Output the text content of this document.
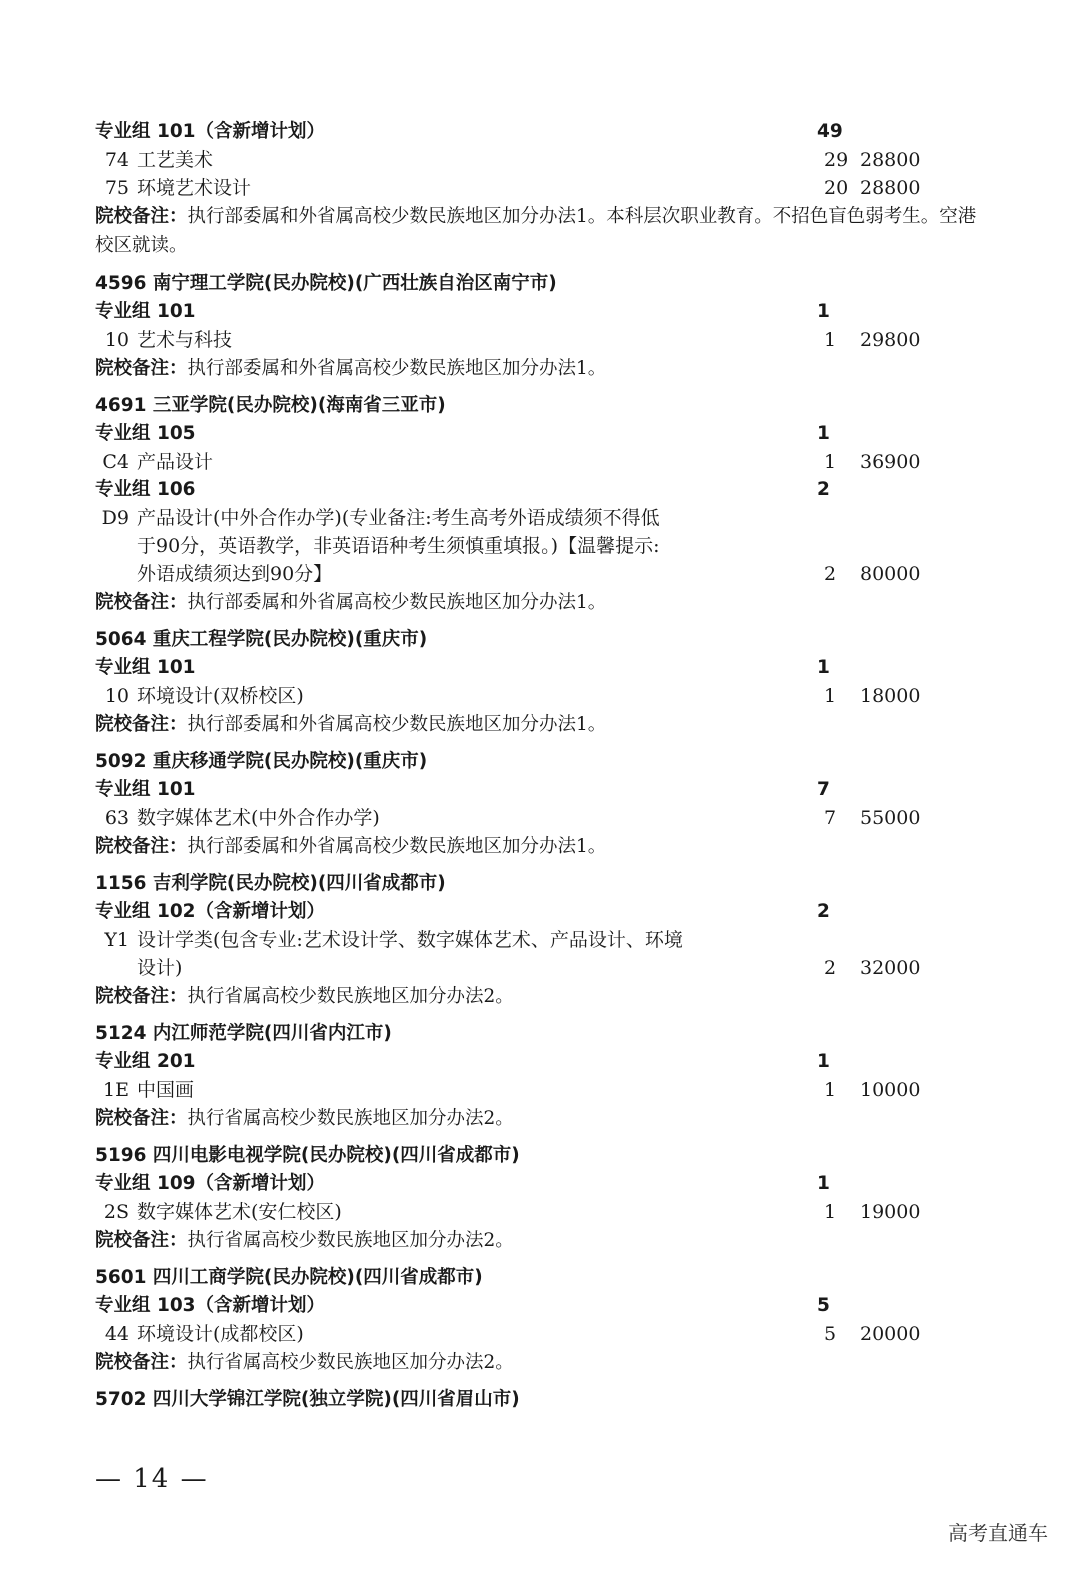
专业组 101（含新增计划）	49
74 工艺美术	29 28800
75 环境艺术设计	20 28800
院校备注：执行部委属和外省属高校少数民族地区加分办法1。本科层次职业教育。不招色盲色弱考生。空港校区就读。
4596 南宁理工学院(民办院校)(广西壮族自治区南宁市)
专业组 101	1
10 艺术与科技	1 29800
院校备注：执行部委属和外省属高校少数民族地区加分办法1。
4691 三亚学院(民办院校)(海南省三亚市)
专业组 105	1
C4 产品设计	1 36900
专业组 106	2
D9 产品设计(中外合作办学)(专业备注:考生高考外语成绩须不得低
于90分，英语教学，非英语语种考生须慎重填报。)【温馨提示:
外语成绩须达到90分】	2 80000
院校备注：执行部委属和外省属高校少数民族地区加分办法1。
5064 重庆工程学院(民办院校)(重庆市)
专业组 101	1
10 环境设计(双桥校区)	1 18000
院校备注：执行部委属和外省属高校少数民族地区加分办法1。
5092 重庆移通学院(民办院校)(重庆市)
专业组 101	7
63 数字媒体艺术(中外合作办学)	7 55000
院校备注：执行部委属和外省属高校少数民族地区加分办法1。
1156 吉利学院(民办院校)(四川省成都市)
专业组 102（含新增计划）	2
Y1 设计学类(包含专业:艺术设计学、数字媒体艺术、产品设计、环境
设计)	2 32000
院校备注：执行省属高校少数民族地区加分办法2。
5124 内江师范学院(四川省内江市)
专业组 201	1
1E 中国画	1 10000
院校备注：执行省属高校少数民族地区加分办法2。
5196 四川电影电视学院(民办院校)(四川省成都市)
专业组 109（含新增计划）	1
2S 数字媒体艺术(安仁校区)	1 19000
院校备注：执行省属高校少数民族地区加分办法2。
5601 四川工商学院(民办院校)(四川省成都市)
专业组 103（含新增计划）	5
44 环境设计(成都校区)	5 20000
院校备注：执行省属高校少数民族地区加分办法2。
5702 四川大学锦江学院(独立学院)(四川省眉山市)
— 14 —
高考直通车
